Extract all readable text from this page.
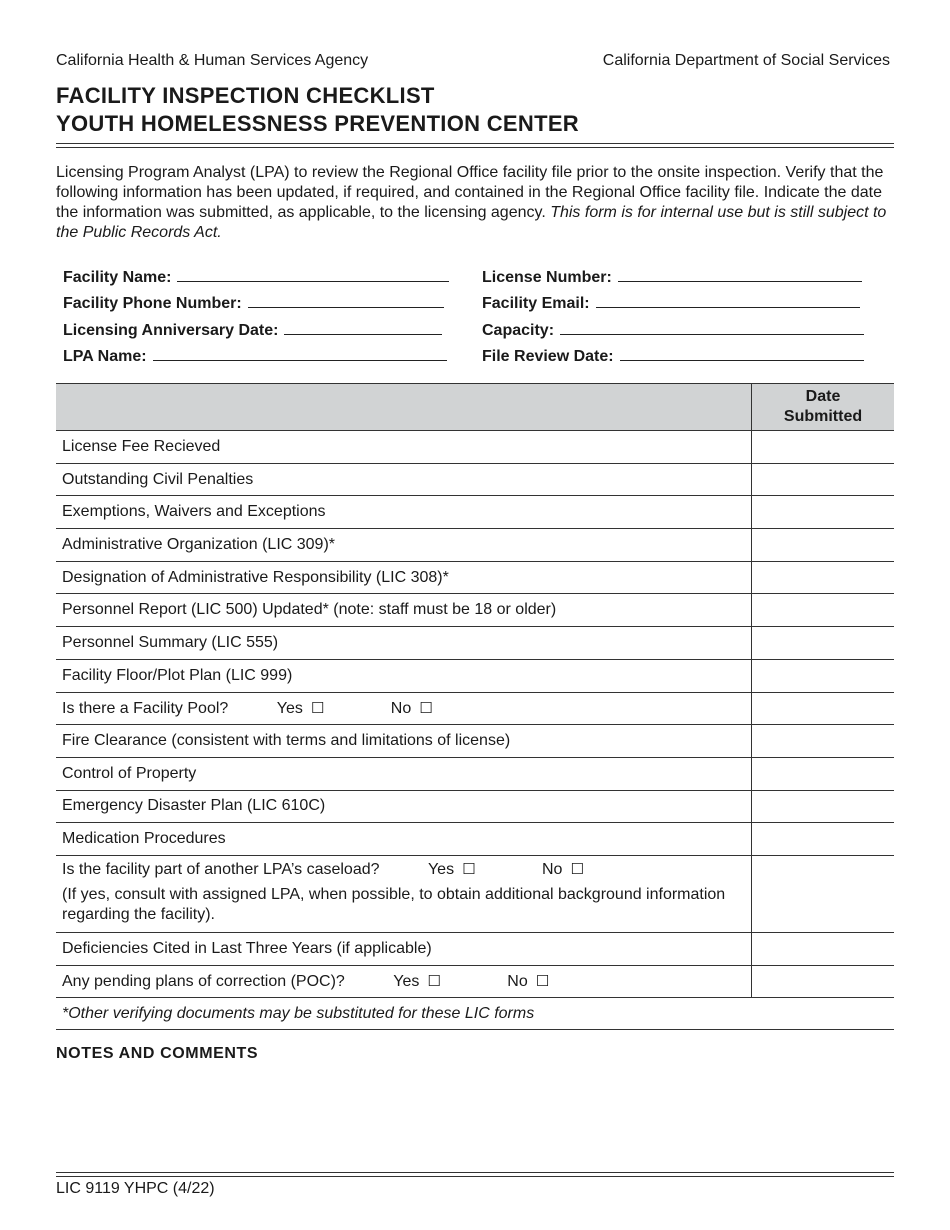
California Health & Human Services Agency	California Department of Social Services
FACILITY INSPECTION CHECKLIST
YOUTH HOMELESSNESS PREVENTION CENTER
Licensing Program Analyst (LPA) to review the Regional Office facility file prior to the onsite inspection. Verify that the following information has been updated, if required, and contained in the Regional Office facility file. Indicate the date the information was submitted, as applicable, to the licensing agency. This form is for internal use but is still subject to the Public Records Act.
Facility Name:	License Number:
Facility Phone Number:	Facility Email:
Licensing Anniversary Date:	Capacity:
LPA Name:	File Review Date:

	Date
Submitted

License Fee Recieved	
Outstanding Civil Penalties	
Exemptions, Waivers and Exceptions	
Administrative Organization (LIC 309)*	
Designation of Administrative Responsibility (LIC 308)*	
Personnel Report (LIC 500) Updated* (note: staff must be 18 or older)	
Personnel Summary (LIC 555)	
Facility Floor/Plot Plan (LIC 999)	
Is there a Facility Pool? Yes ☐ No ☐	
Fire Clearance (consistent with terms and limitations of license)	
Control of Property	
Emergency Disaster Plan (LIC 610C)	
Medication Procedures	
Is the facility part of another LPA’s caseload? Yes ☐ No ☐
(If yes, consult with assigned LPA, when possible, to obtain additional background information regarding the facility).	

Deficiencies Cited in Last Three Years (if applicable)	
Any pending plans of correction (POC)? Yes ☐ No ☐	
*Other verifying documents may be substituted for these LIC forms	
NOTES AND COMMENTS
LIC 9119 YHPC (4/22)
